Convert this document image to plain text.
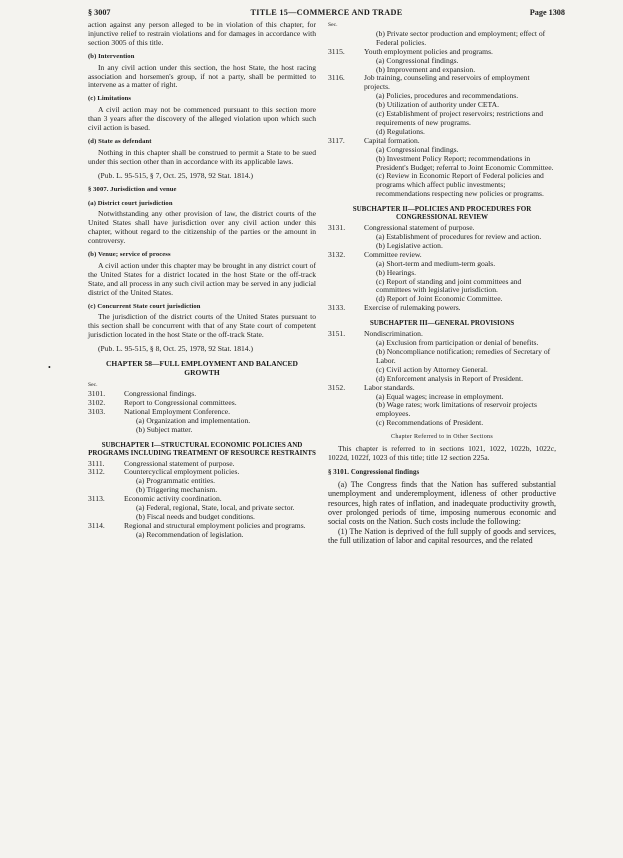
§ 3007	TITLE 15—COMMERCE AND TRADE	Page 1308
•

action against any person alleged to be in violation of this chapter, for injunctive relief to restrain violations and for damages in accordance with section 3005 of this title.

(b) Intervention

In any civil action under this section, the host State, the host racing association and horsemen's group, if not a party, shall be permitted to intervene as a matter of right.

(c) Limitations

A civil action may not be commenced pursuant to this section more than 3 years after the discovery of the alleged violation upon which such civil action is based.

(d) State as defendant

Nothing in this chapter shall be construed to permit a State to be sued under this section other than in accordance with its applicable laws.

(Pub. L. 95-515, § 7, Oct. 25, 1978, 92 Stat. 1814.)

§ 3007. Jurisdiction and venue
(a) District court jurisdiction

Notwithstanding any other provision of law, the district courts of the United States shall have jurisdiction over any civil action under this chapter, without regard to the citizenship of the parties or the amount in controversy.

(b) Venue; service of process

A civil action under this chapter may be brought in any district court of the United States for a district located in the host State or the off-track State, and all process in any such civil action may be served in any judicial district of the United States.

(c) Concurrent State court jurisdiction

The jurisdiction of the district courts of the United States pursuant to this section shall be concurrent with that of any State court of competent jurisdiction located in the host State or the off-track State.

(Pub. L. 95-515, § 8, Oct. 25, 1978, 92 Stat. 1814.)

CHAPTER 58—FULL EMPLOYMENT AND BALANCED GROWTH
Sec.
3101. Congressional findings.
3102. Report to Congressional committees.
3103. National Employment Conference.
(a) Organization and implementation.
(b) Subject matter.
SUBCHAPTER I—STRUCTURAL ECONOMIC POLICIES AND PROGRAMS INCLUDING TREATMENT OF RESOURCE RESTRAINTS
3111.	Congressional statement of purpose.
3112.	Countercyclical employment policies.
(a) Programmatic entities.
(b) Triggering mechanism.
3113.	Economic activity coordination.
(a) Federal, regional, State, local, and private sector.
(b) Fiscal needs and budget conditions.
3114.	Regional and structural employment policies and programs.
(a) Recommendation of legislation.
Sec.
(b) Private sector production and employment; effect of Federal policies.
3115.	Youth employment policies and programs.
(a) Congressional findings.
(b) Improvement and expansion.
3116.	Job training, counseling and reservoirs of employment projects.
(a) Policies, procedures and recommendations.
(b) Utilization of authority under CETA.
(c) Establishment of project reservoirs; restrictions and requirements of new programs.
(d) Regulations.
3117.	Capital formation.
(a) Congressional findings.
(b) Investment Policy Report; recommendations in President's Budget; referral to Joint Economic Committee.
(c) Review in Economic Report of Federal policies and programs which affect public investments; recommendations respecting new policies or programs.
SUBCHAPTER II—POLICIES AND PROCEDURES FOR CONGRESSIONAL REVIEW
3131. Congressional statement of purpose.
(a) Establishment of procedures for review and action.
(b) Legislative action.
3132. Committee review.
(a) Short-term and medium-term goals.
(b) Hearings.
(c) Report of standing and joint committees and committees with legislative jurisdiction.
(d) Report of Joint Economic Committee.
3133. Exercise of rulemaking powers.
SUBCHAPTER III—GENERAL PROVISIONS
3151. Nondiscrimination.
(a) Exclusion from participation or denial of benefits.
(b) Noncompliance notification; remedies of Secretary of Labor.
(c) Civil action by Attorney General.
(d) Enforcement analysis in Report of President.
3152. Labor standards.
(a) Equal wages; increase in employment.
(b) Wage rates; work limitations of reservoir projects employees.
(c) Recommendations of President.
Chapter Referred to in Other Sections

This chapter is referred to in sections 1021, 1022, 1022b, 1022c, 1022d, 1022f, 1023 of this title; title 12 section 225a.

§ 3101. Congressional findings

(a) The Congress finds that the Nation has suffered substantial unemployment and underemployment, idleness of other productive resources, high rates of inflation, and inadequate productivity growth, over prolonged periods of time, imposing numerous economic and social costs on the Nation. Such costs include the following:

(1) The Nation is deprived of the full supply of goods and services, the full utilization of labor and capital resources, and the related
